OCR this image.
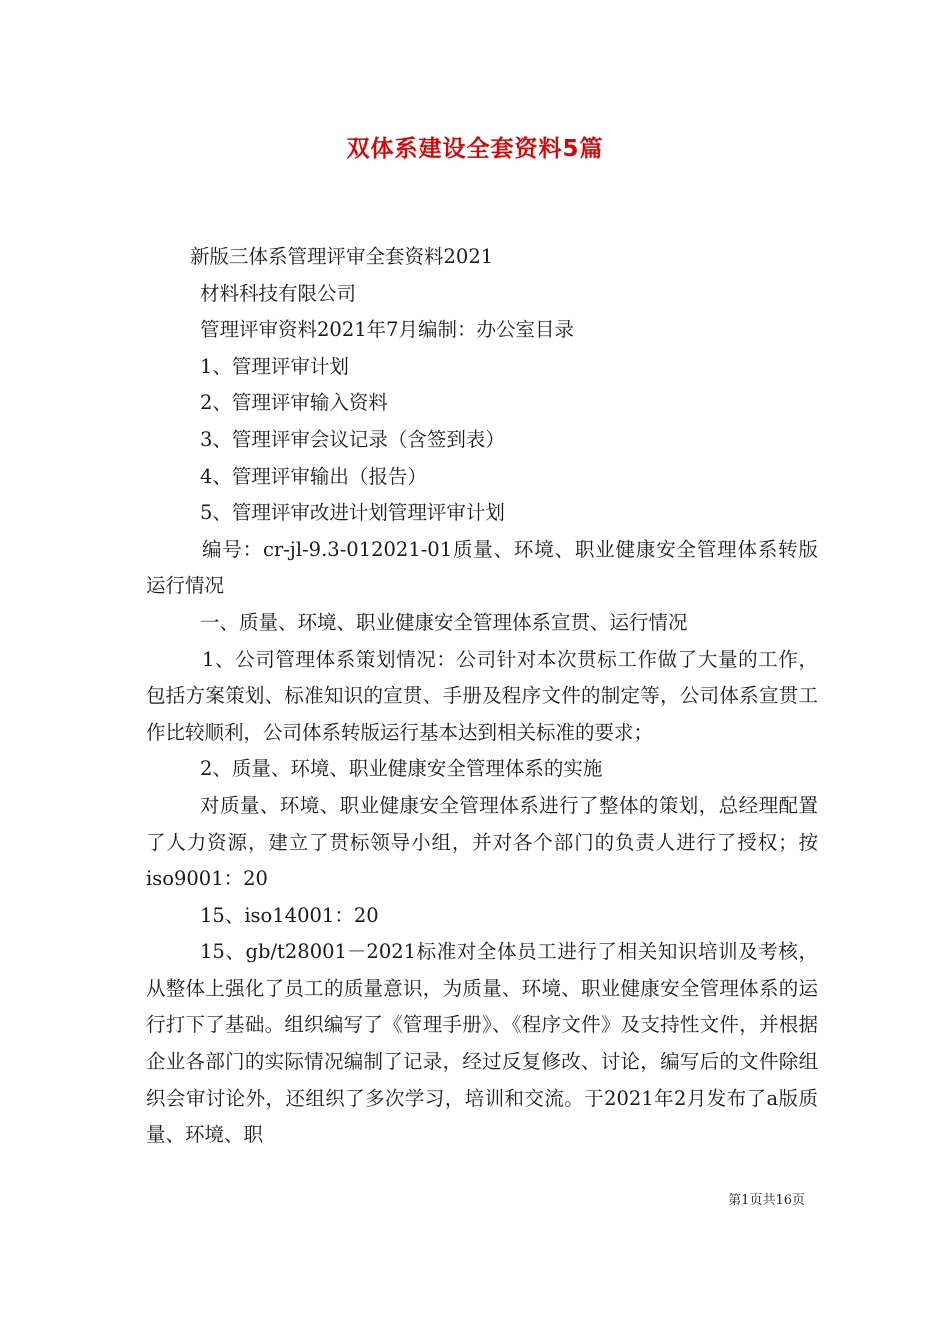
双体系建设全套资料5篇

新版三体系管理评审全套资料2021

材料科技有限公司

管理评审资料2021年7月编制：办公室目录

1、管理评审计划

2、管理评审输入资料

3、管理评审会议记录（含签到表）

4、管理评审输出（报告）

5、管理评审改进计划管理评审计划

编号：cr-jl-9.3-012021-01质量、环境、职业健康安全管理体系转版运行情况

一、质量、环境、职业健康安全管理体系宣贯、运行情况

1、公司管理体系策划情况：公司针对本次贯标工作做了大量的工作，包括方案策划、标准知识的宣贯、手册及程序文件的制定等，公司体系宣贯工作比较顺利，公司体系转版运行基本达到相关标准的要求；

2、质量、环境、职业健康安全管理体系的实施

对质量、环境、职业健康安全管理体系进行了整体的策划，总经理配置了人力资源，建立了贯标领导小组，并对各个部门的负责人进行了授权；按iso9001：20

15、iso14001：20

15、gb/t28001－2021标准对全体员工进行了相关知识培训及考核，从整体上强化了员工的质量意识，为质量、环境、职业健康安全管理体系的运行打下了基础。组织编写了《管理手册》、《程序文件》及支持性文件，并根据企业各部门的实际情况编制了记录，经过反复修改、讨论，编写后的文件除组织会审讨论外，还组织了多次学习，培训和交流。于2021年2月发布了a版质量、环境、职

第1页共16页
